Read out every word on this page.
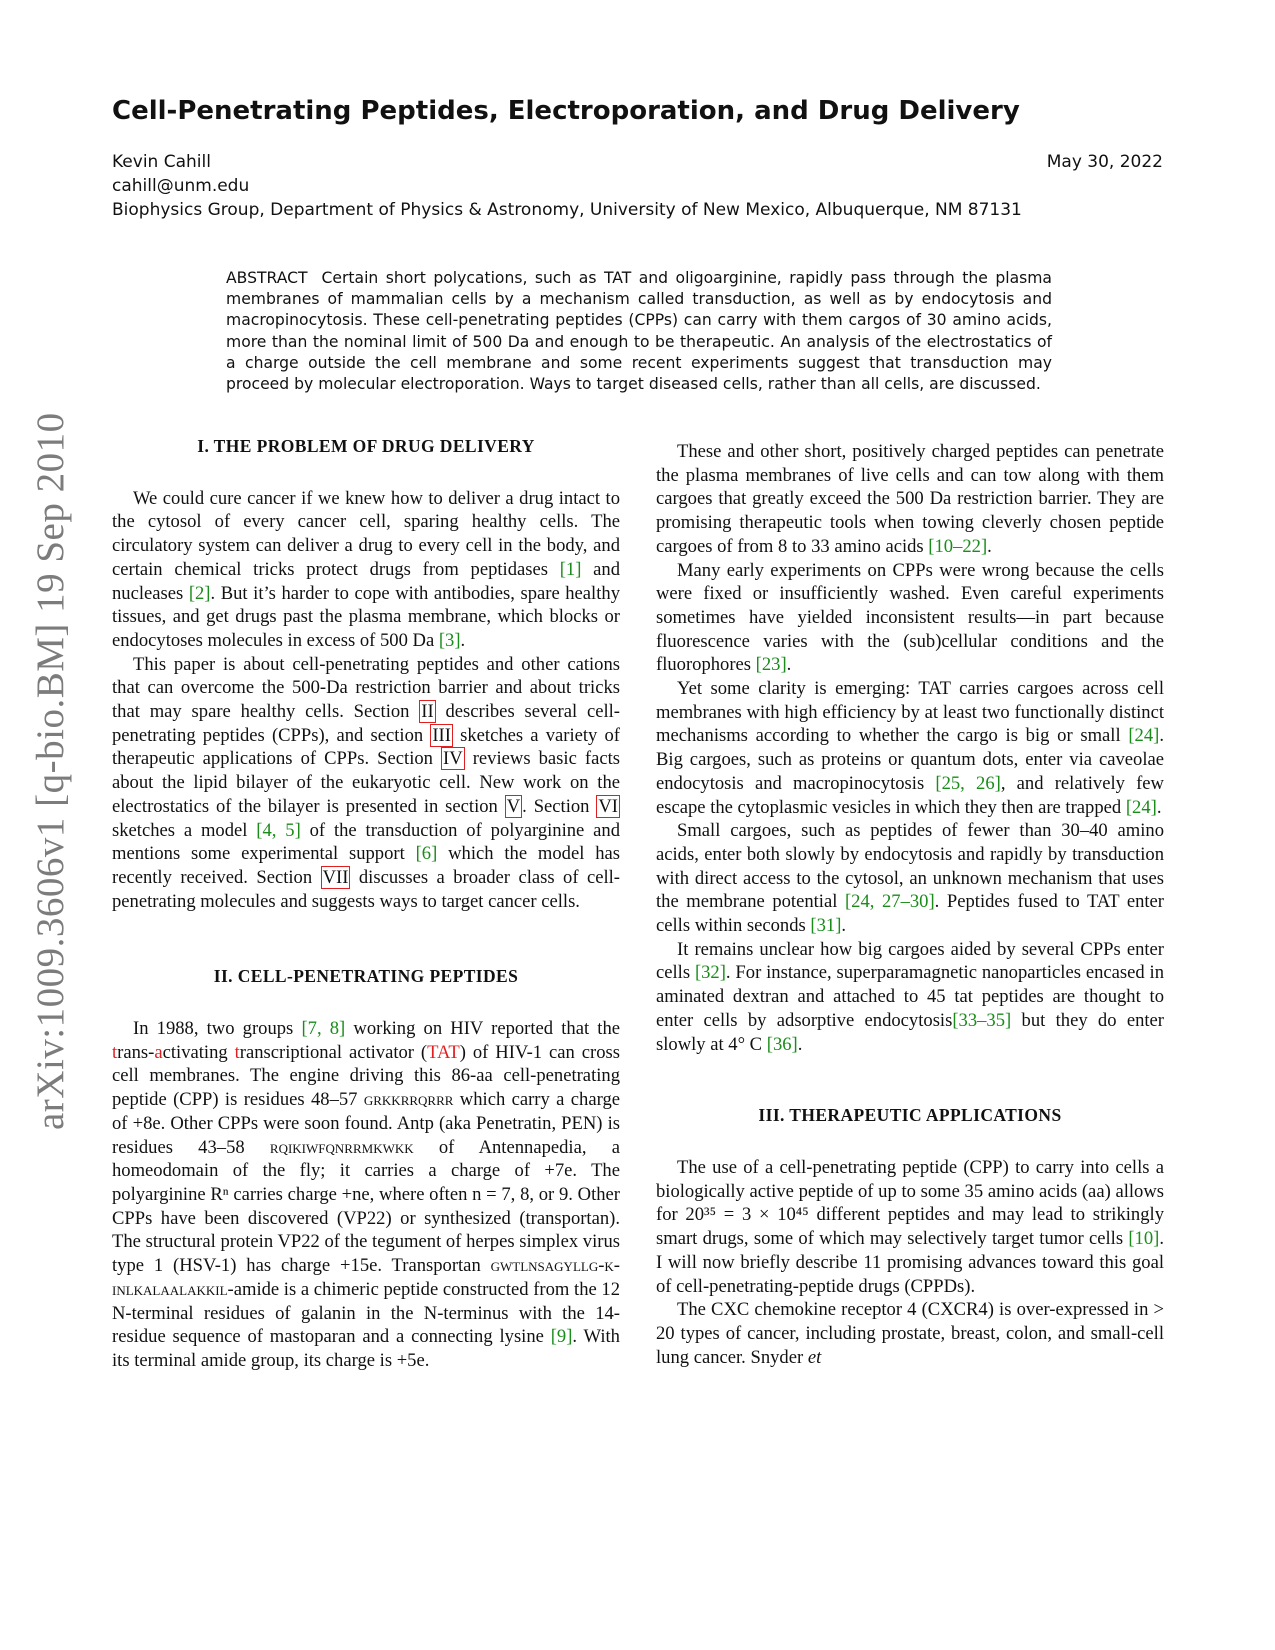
arXiv:1009.3606v1 [q-bio.BM] 19 Sep 2010
Cell-Penetrating Peptides, Electroporation, and Drug Delivery
Kevin Cahill	May 30, 2022
cahill@unm.edu
Biophysics Group, Department of Physics & Astronomy, University of New Mexico, Albuquerque, NM 87131

ABSTRACT Certain short polycations, such as TAT and oligoarginine, rapidly pass through the plasma membranes of mammalian cells by a mechanism called transduction, as well as by endocytosis and macropinocytosis. These cell-penetrating peptides (CPPs) can carry with them cargos of 30 amino acids, more than the nominal limit of 500 Da and enough to be therapeutic. An analysis of the electrostatics of a charge outside the cell membrane and some recent experiments suggest that transduction may proceed by molecular electroporation. Ways to target diseased cells, rather than all cells, are discussed.

I. THE PROBLEM OF DRUG DELIVERY

We could cure cancer if we knew how to deliver a drug intact to the cytosol of every cancer cell, sparing healthy cells. The circulatory system can deliver a drug to every cell in the body, and certain chemical tricks protect drugs from peptidases [1] and nucleases [2]. But it’s harder to cope with antibodies, spare healthy tissues, and get drugs past the plasma membrane, which blocks or endocytoses molecules in excess of 500 Da [3].

This paper is about cell-penetrating peptides and other cations that can overcome the 500-Da restriction barrier and about tricks that may spare healthy cells. Section II describes several cell-penetrating peptides (CPPs), and section III sketches a variety of therapeutic applications of CPPs. Section IV reviews basic facts about the lipid bilayer of the eukaryotic cell. New work on the electrostatics of the bilayer is presented in section V . Section VI sketches a model [4, 5] of the transduction of polyarginine and mentions some experimental support [6] which the model has recently received. Section VII discusses a broader class of cell-penetrating molecules and suggests ways to target cancer cells.

II. CELL-PENETRATING PEPTIDES

In 1988, two groups [7, 8] working on HIV reported that the trans-activating transcriptional activator (TAT) of HIV-1 can cross cell membranes. The engine driving this 86-aa cell-penetrating peptide (CPP) is residues 48–57 grkkrrqrrr which carry a charge of +8e. Other CPPs were soon found. Antp (aka Penetratin, PEN) is residues 43–58 rqikiwfqnrrmkwkk of Antennapedia, a homeodomain of the fly; it carries a charge of +7e. The polyarginine Rⁿ carries charge +ne, where often n = 7, 8, or 9. Other CPPs have been discovered (VP22) or synthesized (transportan). The structural protein VP22 of the tegument of herpes simplex virus type 1 (HSV-1) has charge +15e. Transportan gwtlnsagyllg-k-inlkalaalakkil-amide is a chimeric peptide constructed from the 12 N-terminal residues of galanin in the N-terminus with the 14-residue sequence of mastoparan and a connecting lysine [9]. With its terminal amide group, its charge is +5e.

These and other short, positively charged peptides can penetrate the plasma membranes of live cells and can tow along with them cargoes that greatly exceed the 500 Da restriction barrier. They are promising therapeutic tools when towing cleverly chosen peptide cargoes of from 8 to 33 amino acids [10–22].

Many early experiments on CPPs were wrong because the cells were fixed or insufficiently washed. Even careful experiments sometimes have yielded inconsistent results—in part because fluorescence varies with the (sub)cellular conditions and the fluorophores [23].

Yet some clarity is emerging: TAT carries cargoes across cell membranes with high efficiency by at least two functionally distinct mechanisms according to whether the cargo is big or small [24]. Big cargoes, such as proteins or quantum dots, enter via caveolae endocytosis and macropinocytosis [25, 26], and relatively few escape the cytoplasmic vesicles in which they then are trapped [24].

Small cargoes, such as peptides of fewer than 30–40 amino acids, enter both slowly by endocytosis and rapidly by transduction with direct access to the cytosol, an unknown mechanism that uses the membrane potential [24, 27–30]. Peptides fused to TAT enter cells within seconds [31].

It remains unclear how big cargoes aided by several CPPs enter cells [32]. For instance, superparamagnetic nanoparticles encased in aminated dextran and attached to 45 tat peptides are thought to enter cells by adsorptive endocytosis[33–35] but they do enter slowly at 4° C [36].

III. THERAPEUTIC APPLICATIONS

The use of a cell-penetrating peptide (CPP) to carry into cells a biologically active peptide of up to some 35 amino acids (aa) allows for 20³⁵ = 3 × 10⁴⁵ different peptides and may lead to strikingly smart drugs, some of which may selectively target tumor cells [10]. I will now briefly describe 11 promising advances toward this goal of cell-penetrating-peptide drugs (CPPDs).

The CXC chemokine receptor 4 (CXCR4) is over-expressed in > 20 types of cancer, including prostate, breast, colon, and small-cell lung cancer. Snyder et
